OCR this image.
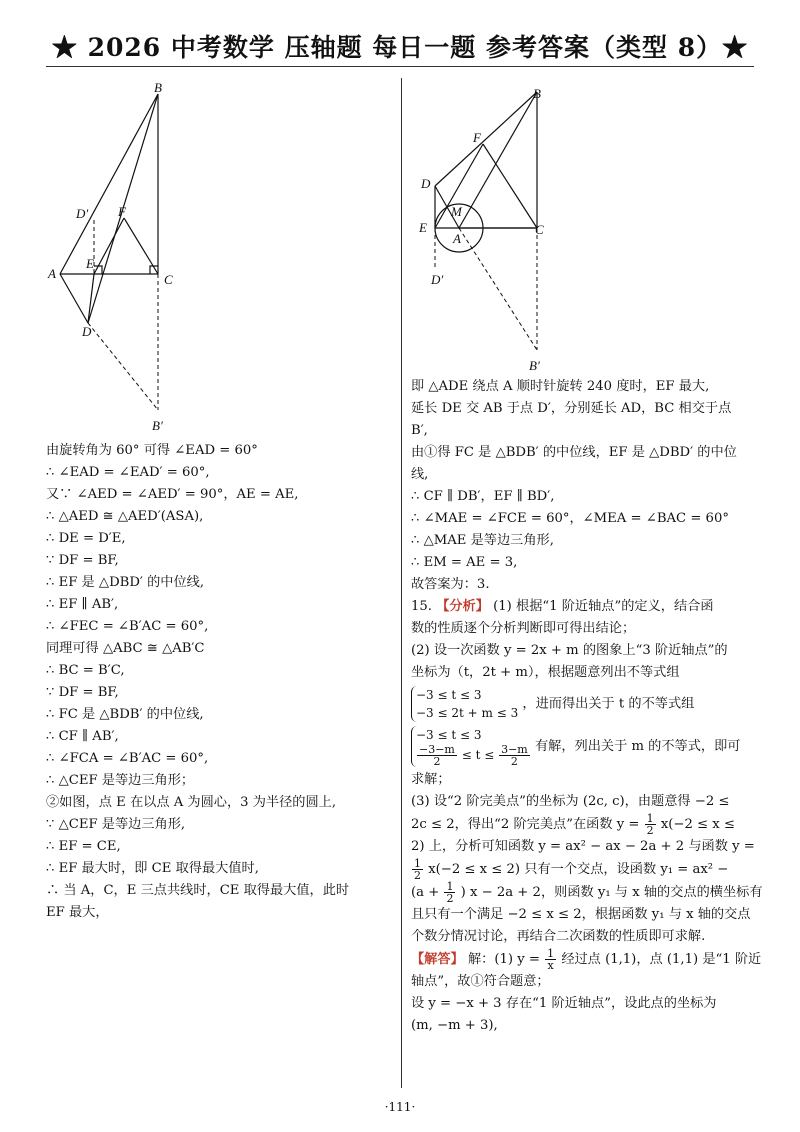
★ 2026 中考数学 压轴题 每日一题 参考答案（类型 8）★
B
D′ F
A
E
C
D
B′
B
F
D
M
E
A
C
D′
B′
由旋转角为 60° 可得 ∠EAD = 60°
∴ ∠EAD = ∠EAD′ = 60°,
又∵ ∠AED = ∠AED′ = 90°，AE = AE,
∴ △AED ≅ △AED′(ASA),
∴ DE = D′E,
∵ DF = BF,
∴ EF 是 △DBD′ 的中位线,
∴ EF ∥ AB′,
∴ ∠FEC = ∠B′AC = 60°,
同理可得 △ABC ≅ △AB′C
∴ BC = B′C,
∵ DF = BF,
∴ FC 是 △BDB′ 的中位线,
∴ CF ∥ AB′,
∴ ∠FCA = ∠B′AC = 60°,
∴ △CEF 是等边三角形；
②如图，点 E 在以点 A 为圆心，3 为半径的圆上,
∵ △CEF 是等边三角形,
∴ EF = CE,
∴ EF 最大时，即 CE 取得最大值时,
∴ 当 A，C，E 三点共线时，CE 取得最大值，此时
EF 最大，
即 △ADE 绕点 A 顺时针旋转 240 度时，EF 最大,
延长 DE 交 AB 于点 D′，分别延长 AD，BC 相交于点
B′,
由①得 FC 是 △BDB′ 的中位线，EF 是 △DBD′ 的中位
线,
∴ CF ∥ DB′，EF ∥ BD′,
∴ ∠MAE = ∠FCE = 60°，∠MEA = ∠BAC = 60°
∴ △MAE 是等边三角形,
∴ EM = AE = 3,
故答案为：3.
15. 【分析】 (1) 根据“1 阶近轴点”的定义，结合函
数的性质逐个分析判断即可得出结论；
(2) 设一次函数 y = 2x + m 的图象上“3 阶近轴点”的
坐标为（t，2t + m），根据题意列出不等式组
−3 ≤ t ≤ 3
−3 ≤ 2t + m ≤ 3
，进而得出关于 t 的不等式组
−3 ≤ t ≤ 3
$\frac{-3-m}{2} \le t \le \frac{3-m}{2}$ 有解，列出关于 m 的不等式，即可
求解；
(3) 设“2 阶完美点”的坐标为 (2c, c)，由题意得 −2 ≤
2c ≤ 2，得出“2 阶完美点”在函数 $y = \frac{1}{2} x(-2 \le x$ ≤
2) 上，分析可知函数 y = ax² − ax − 2a + 2 与函数 y =
$\frac{1}{2} x(-2 \le x \le 2)$ 只有一个交点，设函数 y₁ = ax² −
($a + \frac{1}{2}$ ) x − 2a + 2，则函数 y₁ 与 x 轴的交点的横坐标有
且只有一个满足 −2 ≤ x ≤ 2，根据函数 y₁ 与 x 轴的交点
个数分情况讨论，再结合二次函数的性质即可求解.
【解答】 解：(1) $y = \frac{1}{x}$ 经过点 (1,1)，点 (1,1) 是“1 阶近
轴点”，故①符合题意；
设 y = −x + 3 存在“1 阶近轴点”，设此点的坐标为
(m, −m + 3),
·111·
